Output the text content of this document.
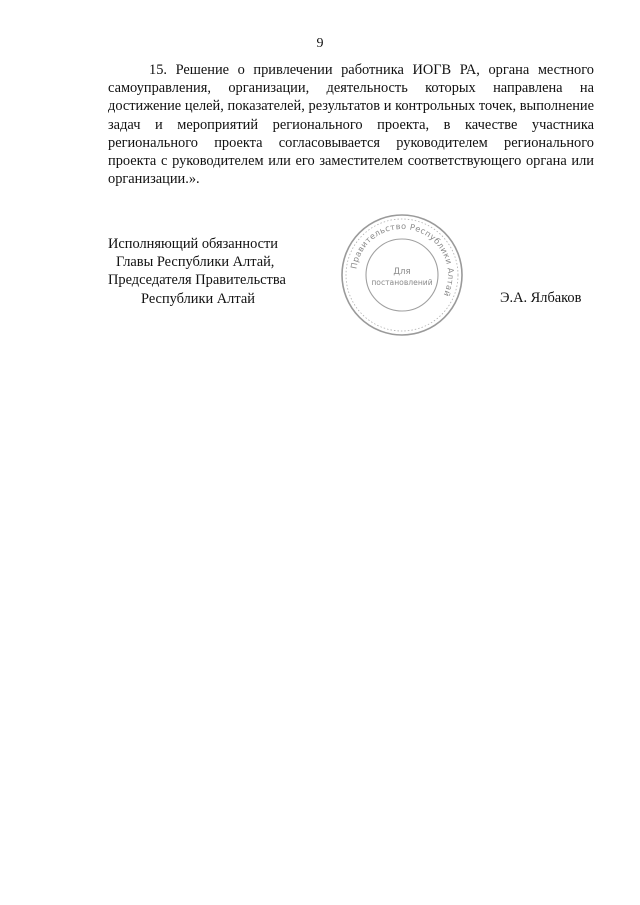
9

15. Решение о привлечении работника ИОГВ РА, органа местного самоуправления, организации, деятельность которых направлена на достижение целей, показателей, результатов и контрольных точек, выполнение задач и мероприятий регионального проекта, в качестве участника регионального проекта согласовывается руководителем регионального проекта с руководителем или его заместителем соответствующего органа или организации.».

Исполняющий обязанности
Главы Республики Алтай,
Председателя Правительства
Республики Алтай
Правительство Республики Алтай
Для
постановлений
Э.А. Ялбаков
